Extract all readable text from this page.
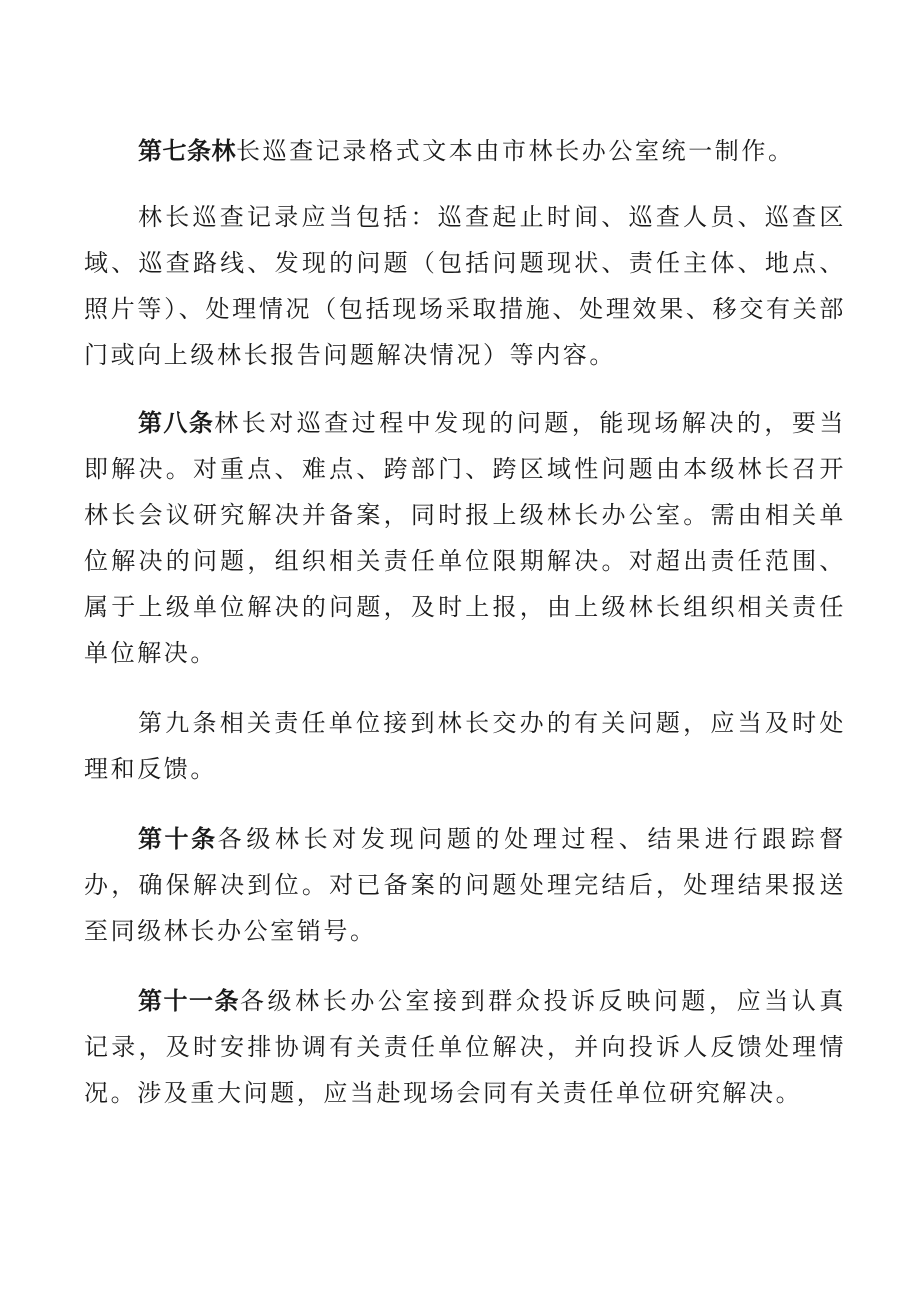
第七条林长巡查记录格式文本由市林长办公室统一制作。

林长巡查记录应当包括：巡查起止时间、巡查人员、巡查区域、巡查路线、发现的问题（包括问题现状、责任主体、地点、照片等）、处理情况（包括现场采取措施、处理效果、移交有关部门或向上级林长报告问题解决情况）等内容。

第八条林长对巡查过程中发现的问题，能现场解决的，要当即解决。对重点、难点、跨部门、跨区域性问题由本级林长召开林长会议研究解决并备案，同时报上级林长办公室。需由相关单位解决的问题，组织相关责任单位限期解决。对超出责任范围、属于上级单位解决的问题，及时上报，由上级林长组织相关责任单位解决。

第九条相关责任单位接到林长交办的有关问题，应当及时处理和反馈。

第十条各级林长对发现问题的处理过程、结果进行跟踪督办，确保解决到位。对已备案的问题处理完结后，处理结果报送至同级林长办公室销号。

第十一条各级林长办公室接到群众投诉反映问题，应当认真记录，及时安排协调有关责任单位解决，并向投诉人反馈处理情况。涉及重大问题，应当赴现场会同有关责任单位研究解决。
